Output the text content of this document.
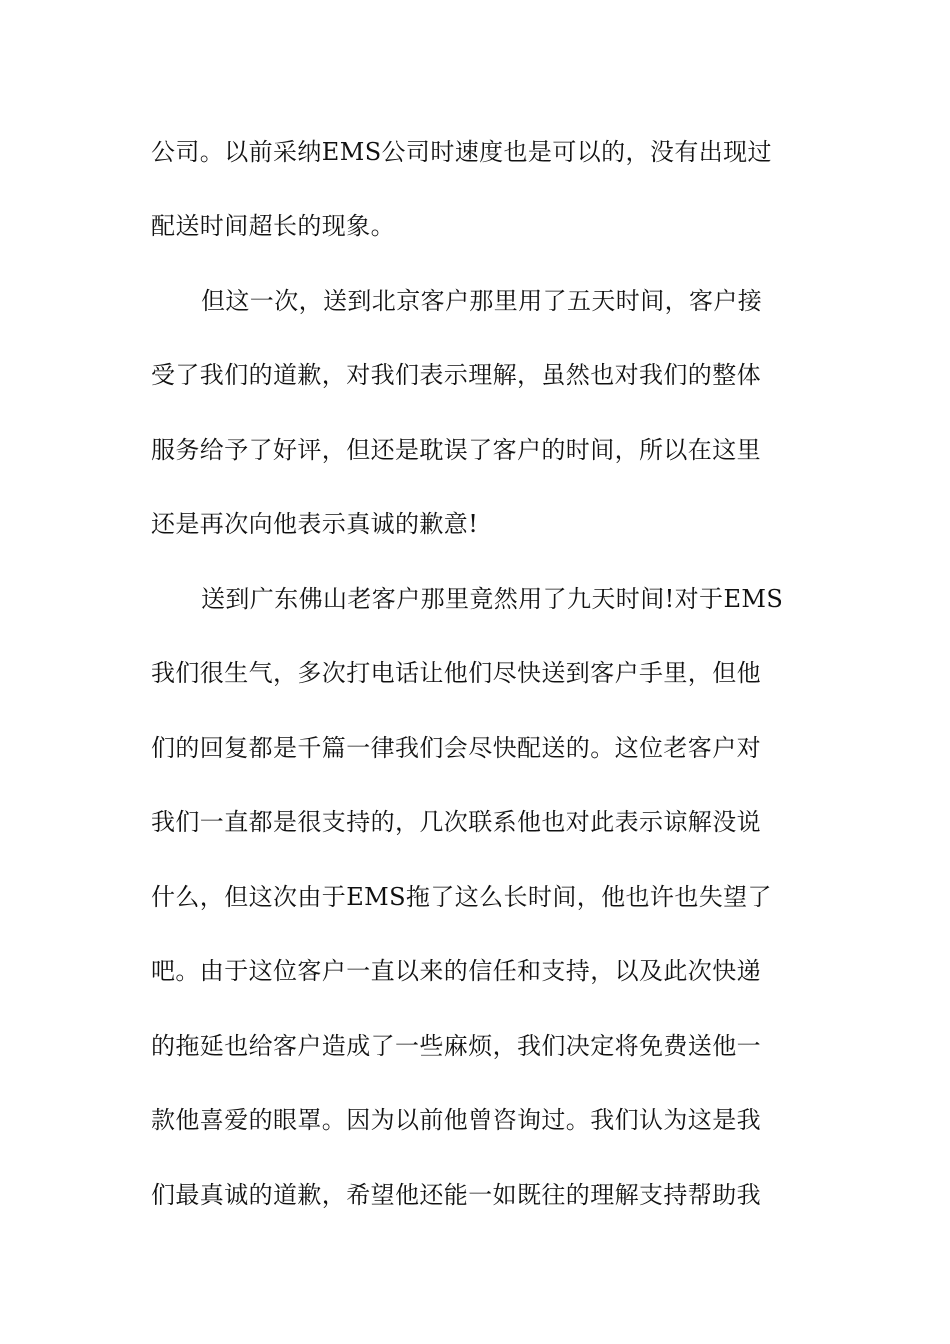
公司。以前采纳EMS公司时速度也是可以的，没有出现过
配送时间超长的现象。
但这一次，送到北京客户那里用了五天时间，客户接
受了我们的道歉，对我们表示理解，虽然也对我们的整体
服务给予了好评，但还是耽误了客户的时间，所以在这里
还是再次向他表示真诚的歉意!
送到广东佛山老客户那里竟然用了九天时间!对于EMS
我们很生气，多次打电话让他们尽快送到客户手里，但他
们的回复都是千篇一律我们会尽快配送的。这位老客户对
我们一直都是很支持的，几次联系他也对此表示谅解没说
什么，但这次由于EMS拖了这么长时间，他也许也失望了
吧。由于这位客户一直以来的信任和支持，以及此次快递
的拖延也给客户造成了一些麻烦，我们决定将免费送他一
款他喜爱的眼罩。因为以前他曾咨询过。我们认为这是我
们最真诚的道歉，希望他还能一如既往的理解支持帮助我
